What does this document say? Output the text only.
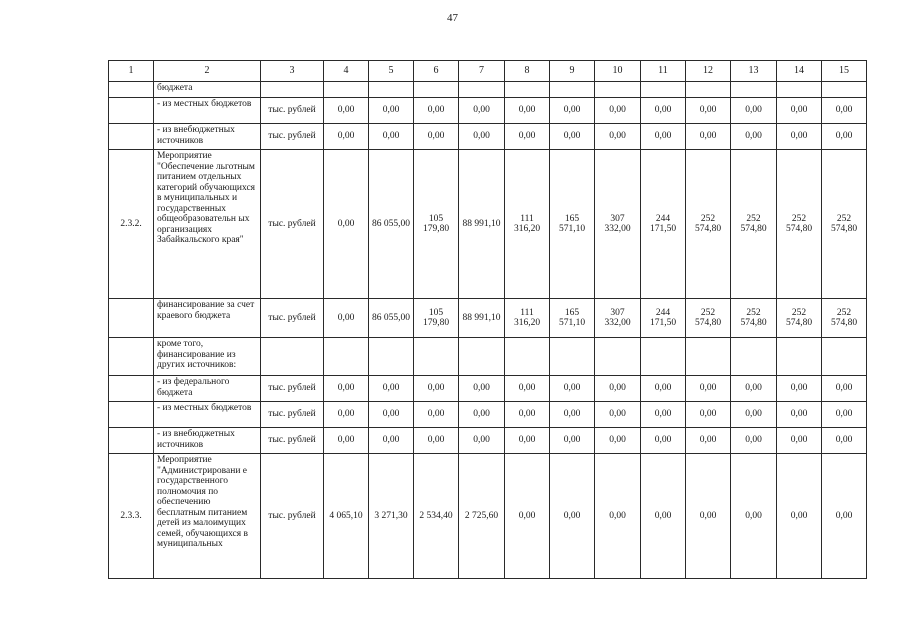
47
1	2	3	4	5	6	7	8	9	10	11	12	13	14	15
	бюджета													
	- из местных бюджетов	тыс. рублей	0,00	0,00	0,00	0,00	0,00	0,00	0,00	0,00	0,00	0,00	0,00	0,00
	- из внебюджетных источников	тыс. рублей	0,00	0,00	0,00	0,00	0,00	0,00	0,00	0,00	0,00	0,00	0,00	0,00
2.3.2.	Мероприятие "Обеспечение льготным питанием отдельных категорий обучающихся в муниципальных и государственных общеобразовательн ых организациях Забайкальского края"	тыс. рублей	0,00	86 055,00	105 179,80	88 991,10	111 316,20	165 571,10	307 332,00	244 171,50	252 574,80	252 574,80	252 574,80	252 574,80
	финансирование за счет краевого бюджета	тыс. рублей	0,00	86 055,00	105 179,80	88 991,10	111 316,20	165 571,10	307 332,00	244 171,50	252 574,80	252 574,80	252 574,80	252 574,80
	кроме того, финансирование из других источников:													
	- из федерального бюджета	тыс. рублей	0,00	0,00	0,00	0,00	0,00	0,00	0,00	0,00	0,00	0,00	0,00	0,00
	- из местных бюджетов	тыс. рублей	0,00	0,00	0,00	0,00	0,00	0,00	0,00	0,00	0,00	0,00	0,00	0,00
	- из внебюджетных источников	тыс. рублей	0,00	0,00	0,00	0,00	0,00	0,00	0,00	0,00	0,00	0,00	0,00	0,00
2.3.3.	Мероприятие "Администрировани е государственного полномочия по обеспечению бесплатным питанием детей из малоимущих семей, обучающихся в муниципальных	тыс. рублей	4 065,10	3 271,30	2 534,40	2 725,60	0,00	0,00	0,00	0,00	0,00	0,00	0,00	0,00
